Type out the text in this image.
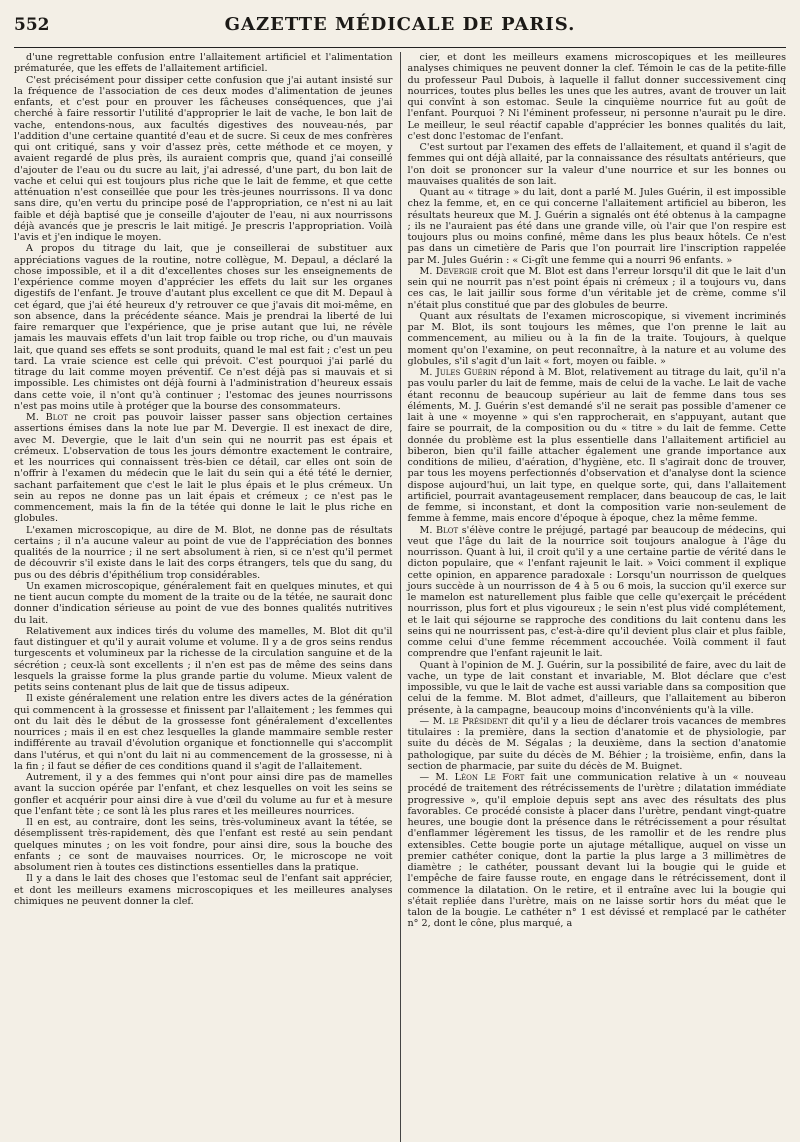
552	GAZETTE MÉDICALE DE PARIS.

d'une regrettable confusion entre l'allaitement artificiel et l'alimentation prématurée, que les effets de l'allaitement artificiel.

C'est précisément pour dissiper cette confusion que j'ai autant insisté sur la fréquence de l'association de ces deux modes d'alimentation de jeunes enfants, et c'est pour en prouver les fâcheuses conséquences, que j'ai cherché à faire ressortir l'utilité d'approprier le lait de vache, le bon lait de vache, entendons-nous, aux facultés digestives des nouveau-nés, par l'addition d'une certaine quantité d'eau et de sucre. Si ceux de mes confrères qui ont critiqué, sans y voir d'assez près, cette méthode et ce moyen, y avaient regardé de plus près, ils auraient compris que, quand j'ai conseillé d'ajouter de l'eau ou du sucre au lait, j'ai adressé, d'une part, du bon lait de vache et celui qui est toujours plus riche que le lait de femme, et que cette atténuation n'est conseillée que pour les très-jeunes nourrissons. Il va donc sans dire, qu'en vertu du principe posé de l'appropriation, ce n'est ni au lait faible et déjà baptisé que je conseille d'ajouter de l'eau, ni aux nourrissons déjà avancés que je prescris le lait mitigé. Je prescris l'appropriation. Voilà l'avis et j'en indique le moyen.

A propos du titrage du lait, que je conseillerai de substituer aux appréciations vagues de la routine, notre collègue, M. Depaul, a déclaré la chose impossible, et il a dit d'excellentes choses sur les enseignements de l'expérience comme moyen d'apprécier les effets du lait sur les organes digestifs de l'enfant. Je trouve d'autant plus excellent ce que dit M. Depaul à cet égard, que j'ai été heureux d'y retrouver ce que j'avais dit moi-même, en son absence, dans la précédente séance. Mais je prendrai la liberté de lui faire remarquer que l'expérience, que je prise autant que lui, ne révèle jamais les mauvais effets d'un lait trop faible ou trop riche, ou d'un mauvais lait, que quand ses effets se sont produits, quand le mal est fait ; c'est un peu tard. La vraie science est celle qui prévoit. C'est pourquoi j'ai parlé du titrage du lait comme moyen préventif. Ce n'est déjà pas si mauvais et si impossible. Les chimistes ont déjà fourni à l'administration d'heureux essais dans cette voie, il n'ont qu'à continuer ; l'estomac des jeunes nourrissons n'est pas moins utile à protéger que la bourse des consommateurs.

M. Blot ne croit pas pouvoir laisser passer sans objection certaines assertions émises dans la note lue par M. Devergie. Il est inexact de dire, avec M. Devergie, que le lait d'un sein qui ne nourrit pas est épais et crémeux. L'observation de tous les jours démontre exactement le contraire, et les nourrices qui connaissent très-bien ce détail, car elles ont soin de n'offrir à l'examen du médecin que le lait du sein qui a été tété le dernier, sachant parfaitement que c'est le lait le plus épais et le plus crémeux. Un sein au repos ne donne pas un lait épais et crémeux ; ce n'est pas le commencement, mais la fin de la tétée qui donne le lait le plus riche en globules.

L'examen microscopique, au dire de M. Blot, ne donne pas de résultats certains ; il n'a aucune valeur au point de vue de l'appréciation des bonnes qualités de la nourrice ; il ne sert absolument à rien, si ce n'est qu'il permet de découvrir s'il existe dans le lait des corps étrangers, tels que du sang, du pus ou des débris d'épithélium trop considérables.

Un examen microscopique, généralement fait en quelques minutes, et qui ne tient aucun compte du moment de la traite ou de la tétée, ne saurait donc donner d'indication sérieuse au point de vue des bonnes qualités nutritives du lait.

Relativement aux indices tirés du volume des mamelles, M. Blot dit qu'il faut distinguer et qu'il y aurait volume et volume. Il y a de gros seins rendus turgescents et volumineux par la richesse de la circulation sanguine et de la sécrétion ; ceux-là sont excellents ; il n'en est pas de même des seins dans lesquels la graisse forme la plus grande partie du volume. Mieux valent de petits seins contenant plus de lait que de tissus adipeux.

Il existe généralement une relation entre les divers actes de la génération qui commencent à la grossesse et finissent par l'allaitement ; les femmes qui ont du lait dès le début de la grossesse font généralement d'excellentes nourrices ; mais il en est chez lesquelles la glande mammaire semble rester indifférente au travail d'évolution organique et fonctionnelle qui s'accomplit dans l'utérus, et qui n'ont du lait ni au commencement de la grossesse, ni à la fin ; il faut se défier de ces conditions quand il s'agit de l'allaitement.

Autrement, il y a des femmes qui n'ont pour ainsi dire pas de mamelles avant la succion opérée par l'enfant, et chez lesquelles on voit les seins se gonfler et acquérir pour ainsi dire à vue d'œil du volume au fur et à mesure que l'enfant tète ; ce sont là les plus rares et les meilleures nourrices.

Il en est, au contraire, dont les seins, très-volumineux avant la tétée, se désemplissent très-rapidement, dès que l'enfant est resté au sein pendant quelques minutes ; on les voit fondre, pour ainsi dire, sous la bouche des enfants ; ce sont de mauvaises nourrices. Or, le microscope ne voit absolument rien à toutes ces distinctions essentielles dans la pratique.

Il y a dans le lait des choses que l'estomac seul de l'enfant sait apprécier, et dont les meilleurs examens microscopiques et les meilleures analyses chimiques ne peuvent donner la clef.

cier, et dont les meilleurs examens microscopiques et les meilleures analyses chimiques ne peuvent donner la clef. Témoin le cas de la petite-fille du professeur Paul Dubois, à laquelle il fallut donner successivement cinq nourrices, toutes plus belles les unes que les autres, avant de trouver un lait qui convînt à son estomac. Seule la cinquième nourrice fut au goût de l'enfant. Pourquoi ? Ni l'éminent professeur, ni personne n'aurait pu le dire. Le meilleur, le seul réactif capable d'apprécier les bonnes qualités du lait, c'est donc l'estomac de l'enfant.

C'est surtout par l'examen des effets de l'allaitement, et quand il s'agit de femmes qui ont déjà allaité, par la connaissance des résultats antérieurs, que l'on doit se prononcer sur la valeur d'une nourrice et sur les bonnes ou mauvaises qualités de son lait.

Quant au « titrage » du lait, dont a parlé M. Jules Guérin, il est impossible chez la femme, et, en ce qui concerne l'allaitement artificiel au biberon, les résultats heureux que M. J. Guérin a signalés ont été obtenus à la campagne ; ils ne l'auraient pas été dans une grande ville, où l'air que l'on respire est toujours plus ou moins confiné, même dans les plus beaux hôtels. Ce n'est pas dans un cimetière de Paris que l'on pourrait lire l'inscription rappelée par M. Jules Guérin : « Ci-gît une femme qui a nourri 96 enfants. »

M. Devergie croit que M. Blot est dans l'erreur lorsqu'il dit que le lait d'un sein qui ne nourrit pas n'est point épais ni crémeux ; il a toujours vu, dans ces cas, le lait jaillir sous forme d'un véritable jet de crème, comme s'il n'était plus constitué que par des globules de beurre.

Quant aux résultats de l'examen microscopique, si vivement incriminés par M. Blot, ils sont toujours les mêmes, que l'on prenne le lait au commencement, au milieu ou à la fin de la traite. Toujours, à quelque moment qu'on l'examine, on peut reconnaître, à la nature et au volume des globules, s'il s'agit d'un lait « fort, moyen ou faible. »

M. Jules Guérin répond à M. Blot, relativement au titrage du lait, qu'il n'a pas voulu parler du lait de femme, mais de celui de la vache. Le lait de vache étant reconnu de beaucoup supérieur au lait de femme dans tous ses éléments, M. J. Guérin s'est demandé s'il ne serait pas possible d'amener ce lait à une « moyenne » qui s'en rapprocherait, en s'appuyant, autant que faire se pourrait, de la composition ou du « titre » du lait de femme. Cette donnée du problème est la plus essentielle dans l'allaitement artificiel au biberon, bien qu'il faille attacher également une grande importance aux conditions de milieu, d'aération, d'hygiène, etc. Il s'agirait donc de trouver, par tous les moyens perfectionnés d'observation et d'analyse dont la science dispose aujourd'hui, un lait type, en quelque sorte, qui, dans l'allaitement artificiel, pourrait avantageusement remplacer, dans beaucoup de cas, le lait de femme, si inconstant, et dont la composition varie non-seulement de femme à femme, mais encore d'époque à époque, chez la même femme.

M. Blot s'élève contre le préjugé, partagé par beaucoup de médecins, qui veut que l'âge du lait de la nourrice soit toujours analogue à l'âge du nourrisson. Quant à lui, il croit qu'il y a une certaine partie de vérité dans le dicton populaire, que « l'enfant rajeunit le lait. » Voici comment il explique cette opinion, en apparence paradoxale : Lorsqu'un nourrisson de quelques jours succède à un nourrisson de 4 à 5 ou 6 mois, la succion qu'il exerce sur le mamelon est naturellement plus faible que celle qu'exerçait le précédent nourrisson, plus fort et plus vigoureux ; le sein n'est plus vidé complétement, et le lait qui séjourne se rapproche des conditions du lait contenu dans les seins qui ne nourrissent pas, c'est-à-dire qu'il devient plus clair et plus faible, comme celui d'une femme récemment accouchée. Voilà comment il faut comprendre que l'enfant rajeunit le lait.

Quant à l'opinion de M. J. Guérin, sur la possibilité de faire, avec du lait de vache, un type de lait constant et invariable, M. Blot déclare que c'est impossible, vu que le lait de vache est aussi variable dans sa composition que celui de la femme. M. Blot admet, d'ailleurs, que l'allaitement au biberon présente, à la campagne, beaucoup moins d'inconvénients qu'à la ville.

— M. le Président dit qu'il y a lieu de déclarer trois vacances de membres titulaires : la première, dans la section d'anatomie et de physiologie, par suite du décès de M. Ségalas ; la deuxième, dans la section d'anatomie pathologique, par suite du décès de M. Béhier ; la troisième, enfin, dans la section de pharmacie, par suite du décès de M. Buignet.

— M. Léon Le Fort fait une communication relative à un « nouveau procédé de traitement des rétrécissements de l'urètre ; dilatation immédiate progressive », qu'il emploie depuis sept ans avec des résultats des plus favorables. Ce procédé consiste à placer dans l'urètre, pendant vingt-quatre heures, une bougie dont la présence dans le rétrécissement a pour résultat d'enflammer légèrement les tissus, de les ramollir et de les rendre plus extensibles. Cette bougie porte un ajutage métallique, auquel on visse un premier cathéter conique, dont la partie la plus large a 3 millimètres de diamètre ; le cathéter, poussant devant lui la bougie qui le guide et l'empêche de faire fausse route, en engage dans le rétrécissement, dont il commence la dilatation. On le retire, et il entraîne avec lui la bougie qui s'était repliée dans l'urètre, mais on ne laisse sortir hors du méat que le talon de la bougie. Le cathéter n° 1 est dévissé et remplacé par le cathéter n° 2, dont le cône, plus marqué, a
